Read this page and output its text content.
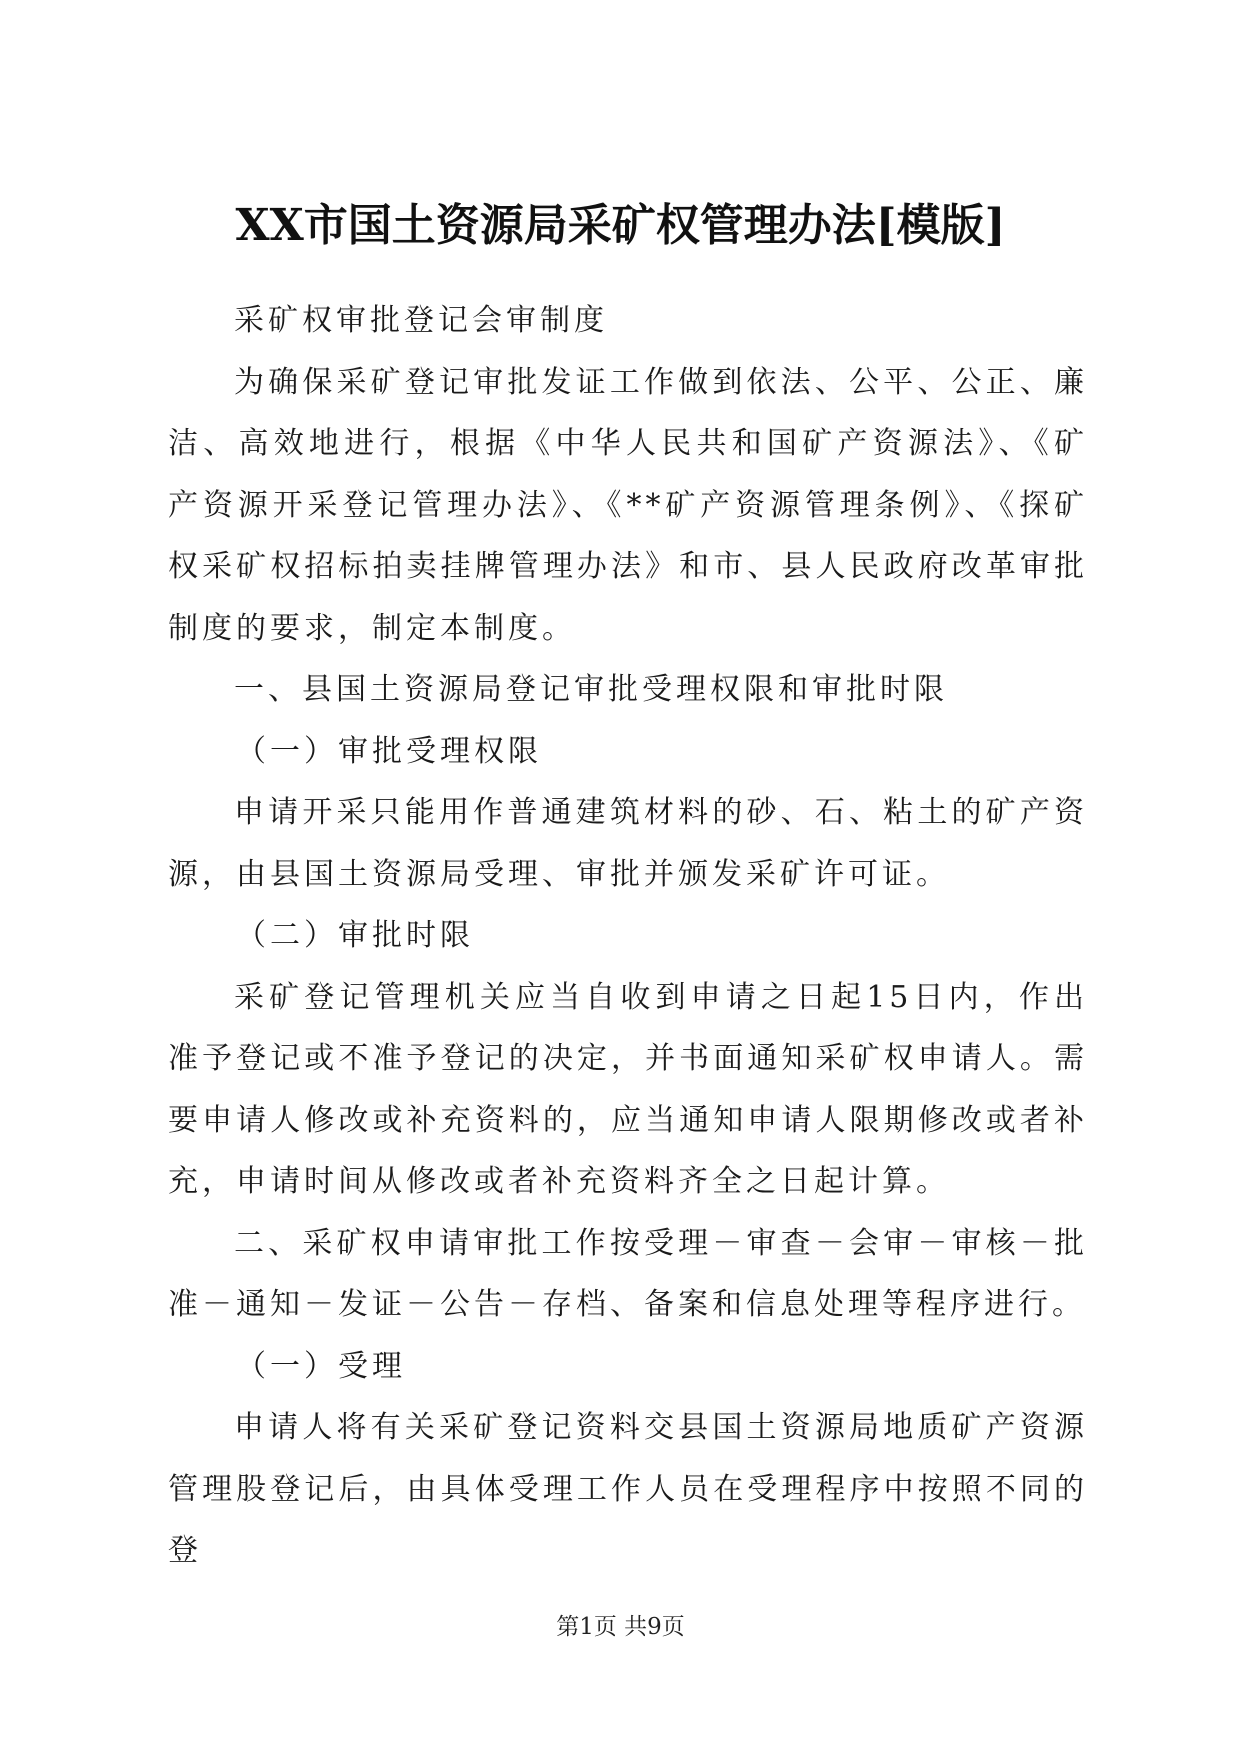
XX市国土资源局采矿权管理办法[模版]

采矿权审批登记会审制度

为确保采矿登记审批发证工作做到依法、公平、公正、廉洁、高效地进行，根据《中华人民共和国矿产资源法》、《矿产资源开采登记管理办法》、《**矿产资源管理条例》、《探矿权采矿权招标拍卖挂牌管理办法》和市、县人民政府改革审批制度的要求，制定本制度。

一、县国土资源局登记审批受理权限和审批时限

（一）审批受理权限

申请开采只能用作普通建筑材料的砂、石、粘土的矿产资源，由县国土资源局受理、审批并颁发采矿许可证。

（二）审批时限

采矿登记管理机关应当自收到申请之日起15日内，作出准予登记或不准予登记的决定，并书面通知采矿权申请人。需要申请人修改或补充资料的，应当通知申请人限期修改或者补充，申请时间从修改或者补充资料齐全之日起计算。

二、采矿权申请审批工作按受理－审查－会审－审核－批准－通知－发证－公告－存档、备案和信息处理等程序进行。

（一）受理

申请人将有关采矿登记资料交县国土资源局地质矿产资源管理股登记后，由具体受理工作人员在受理程序中按照不同的登

第1页 共9页
